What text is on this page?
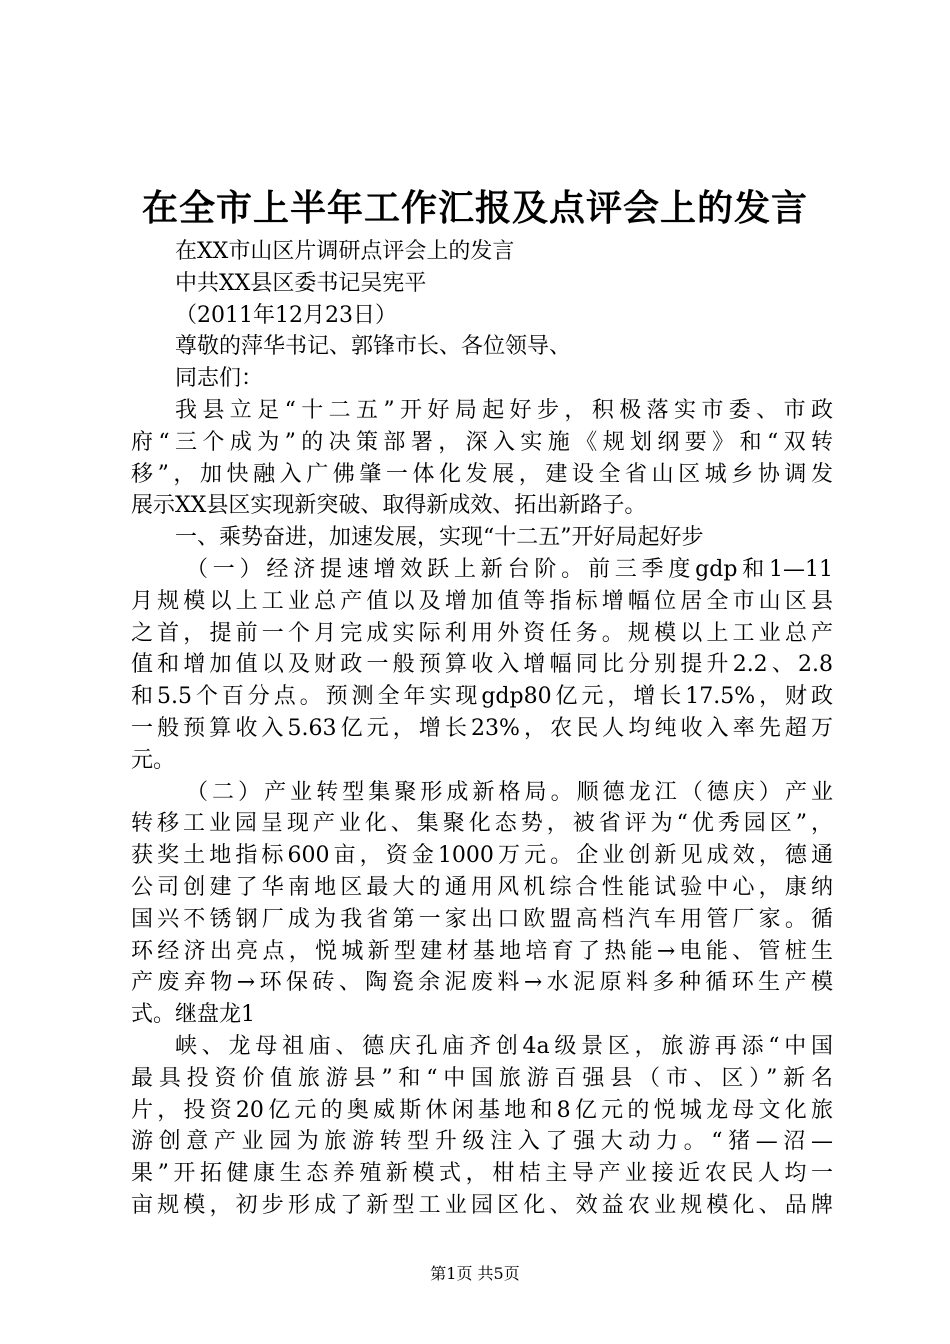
在全市上半年工作汇报及点评会上的发言

在XX市山区片调研点评会上的发言

中共XX县区委书记吴宪平

（2011年12月23日）

尊敬的萍华书记、郭锋市长、各位领导、

同志们：

我县立足“十二五”开好局起好步，积极落实市委、市政

府“三个成为”的决策部署，深入实施《规划纲要》和“双转

移”，加快融入广佛肇一体化发展，建设全省山区城乡协调发

展示XX县区实现新突破、取得新成效、拓出新路子。

一、乘势奋进，加速发展，实现“十二五”开好局起好步

（一）经济提速增效跃上新台阶。前三季度gdp和1—11

月规模以上工业总产值以及增加值等指标增幅位居全市山区县

之首，提前一个月完成实际利用外资任务。规模以上工业总产

值和增加值以及财政一般预算收入增幅同比分别提升2.2、2.8

和5.5个百分点。预测全年实现gdp80亿元，增长17.5%，财政

一般预算收入5.63亿元，增长23%，农民人均纯收入率先超万

元。

（二）产业转型集聚形成新格局。顺德龙江（德庆）产业

转移工业园呈现产业化、集聚化态势，被省评为“优秀园区”，

获奖土地指标600亩，资金1000万元。企业创新见成效，德通

公司创建了华南地区最大的通用风机综合性能试验中心，康纳

国兴不锈钢厂成为我省第一家出口欧盟高档汽车用管厂家。循

环经济出亮点，悦城新型建材基地培育了热能→电能、管桩生

产废弃物→环保砖、陶瓷余泥废料→水泥原料多种循环生产模

式。继盘龙1

峡、龙母祖庙、德庆孔庙齐创4a级景区，旅游再添“中国

最具投资价值旅游县”和“中国旅游百强县（市、区）”新名

片，投资20亿元的奥威斯休闲基地和8亿元的悦城龙母文化旅

游创意产业园为旅游转型升级注入了强大动力。“猪—沼—

果”开拓健康生态养殖新模式，柑桔主导产业接近农民人均一

亩规模，初步形成了新型工业园区化、效益农业规模化、品牌

第1页 共5页
